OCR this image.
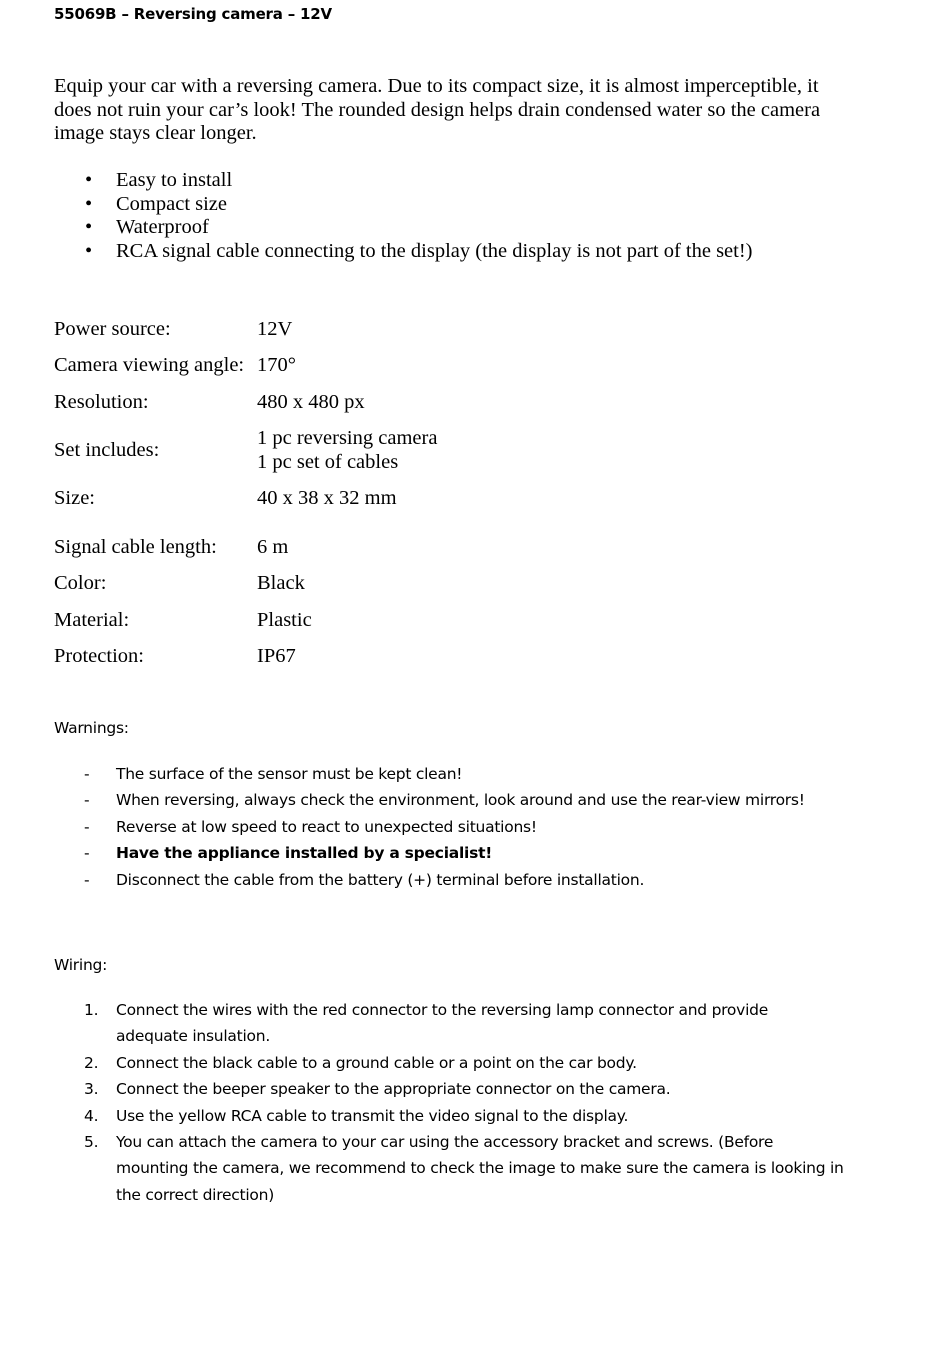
55069B – Reversing camera – 12V

Equip your car with a reversing camera. Due to its compact size, it is almost imperceptible, it does not ruin your car’s look! The rounded design helps drain condensed water so the camera image stays clear longer.

• Easy to install
• Compact size
• Waterproof
• RCA signal cable connecting to the display (the display is not part of the set!)
Power source:	12V
Camera viewing angle: 170°
Resolution:	480 x 480 px
Set includes:
1 pc reversing camera
1 pc set of cables
Size:	40 x 38 x 32 mm
Signal cable length: 6 m
Color:	Black
Material:	Plastic
Protection:	IP67
Warnings:
- The surface of the sensor must be kept clean!
- When reversing, always check the environment, look around and use the rear-view mirrors!
- Reverse at low speed to react to unexpected situations!
- Have the appliance installed by a specialist!
- Disconnect the cable from the battery (+) terminal before installation.
Wiring:
1. Connect the wires with the red connector to the reversing lamp connector and provide adequate insulation.
2. Connect the black cable to a ground cable or a point on the car body.
3. Connect the beeper speaker to the appropriate connector on the camera.
4. Use the yellow RCA cable to transmit the video signal to the display.
5. You can attach the camera to your car using the accessory bracket and screws. (Before mounting the camera, we recommend to check the image to make sure the camera is looking in the correct direction)
